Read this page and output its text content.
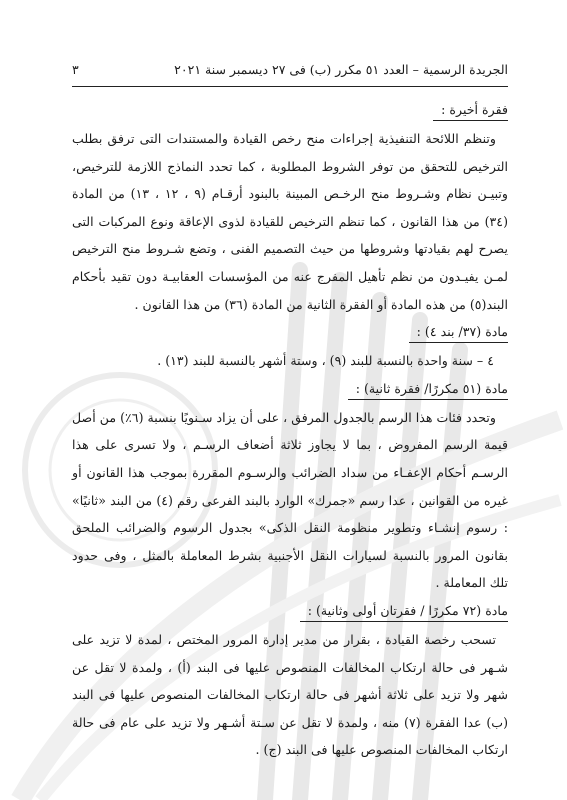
الجريدة الرسمية – العدد ٥١ مكرر (ب) فى ٢٧ ديسمبر سنة ٢٠٢١
٣

فقرة أخيرة :

وتنظم اللائحة التنفيذية إجراءات منح رخص القيادة والمستندات التى ترفق بطلب الترخيص للتحقق من توفر الشروط المطلوبة ، كما تحدد النماذج اللازمة للترخيص، وتبيـن نظام وشـروط منح الرخـص المبينة بالبنود أرقـام (٩ ، ١٢ ، ١٣) من المادة (٣٤) من هذا القانون ، كما تنظم الترخيص للقيادة لذوى الإعاقة ونوع المركبات التى يصرح لهم بقيادتها وشروطها من حيث التصميم الفنى ، وتضع شـروط منح الترخيص لمـن يفيـدون من نظم تأهيل المفرج عنه من المؤسسات العقابيـة دون تقيد بأحكام البند(٥) من هذه المادة أو الفقرة الثانية من المادة (٣٦) من هذا القانون .

مادة (٣٧/ بند ٤) :

٤ – سنة واحدة بالنسبة للبند (٩) ، وستة أشهر بالنسبة للبند (١٣) .

مادة (٥١ مكررًا/ فقرة ثانية) :

وتحدد فئات هذا الرسم بالجدول المرفق ، على أن يزاد سـنويًا بنسبة (٦٪) من أصل قيمة الرسم المفروض ، بما لا يجاوز ثلاثة أضعاف الرسـم ، ولا تسرى على هذا الرسـم أحكام الإعفـاء من سداد الضرائب والرسـوم المقررة بموجب هذا القانون أو غيره من القوانين ، عدا رسم «جمرك» الوارد بالبند الفرعى رقم (٤) من البند «ثانيًا» : رسوم إنشـاء وتطوير منظومة النقل الذكى» بجدول الرسوم والضرائب الملحق بقانون المرور بالنسبة لسيارات النقل الأجنبية بشرط المعاملة بالمثل ، وفى حدود تلك المعاملة .

مادة (٧٢ مكررًا / فقرتان أولى وثانية) :

تسحب رخصة القيادة ، بقرار من مدير إدارة المرور المختص ، لمدة لا تزيد على شـهر فى حالة ارتكاب المخالفات المنصوص عليها فى البند (أ) ، ولمدة لا تقل عن شهر ولا تزيد على ثلاثة أشهر فى حالة ارتكاب المخالفات المنصوص عليها فى البند (ب) عدا الفقرة (٧) منه ، ولمدة لا تقل عن سـتة أشـهر ولا تزيد على عام فى حالة ارتكاب المخالفات المنصوص عليها فى البند (ج) .
